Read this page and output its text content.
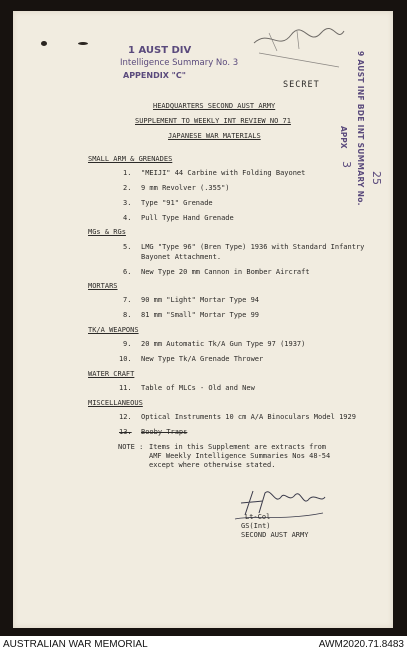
1 AUST DIV
Intelligence Summary No. 3
APPENDIX "C"
SECRET	9 AUST INF BDE INT SUMMARY No. 25
APPX
3
HEADQUARTERS SECOND AUST ARMY
SUPPLEMENT TO WEEKLY INT REVIEW NO 71
JAPANESE WAR MATERIALS
SMALL ARM & GRENADES
1. "MEIJI" 44 Carbine with Folding Bayonet
2. 9 mm Revolver (.355")
3. Type "91" Grenade
4. Pull Type Hand Grenade
MGs & RGs
5. LMG "Type 96" (Bren Type) 1936 with Standard Infantry
Bayonet Attachment.
6. New Type 20 mm Cannon in Bomber Aircraft
MORTARS
7. 90 mm "Light" Mortar Type 94
8. 81 mm "Small" Mortar Type 99
TK/A WEAPONS
9. 20 mm Automatic Tk/A Gun Type 97 (1937)
10. New Type Tk/A Grenade Thrower
WATER CRAFT
11. Table of MLCs - Old and New
MISCELLANEOUS
12. Optical Instruments 10 cm A/A Binoculars Model 1929
13. Booby Traps
NOTE : Items in this Supplement are extracts from
AMF Weekly Intelligence Summaries Nos 48-54
except where otherwise stated.
Lt-Col
GS(Int)
SECOND AUST ARMY
AUSTRALIAN WAR MEMORIAL	AWM2020.71.8483
